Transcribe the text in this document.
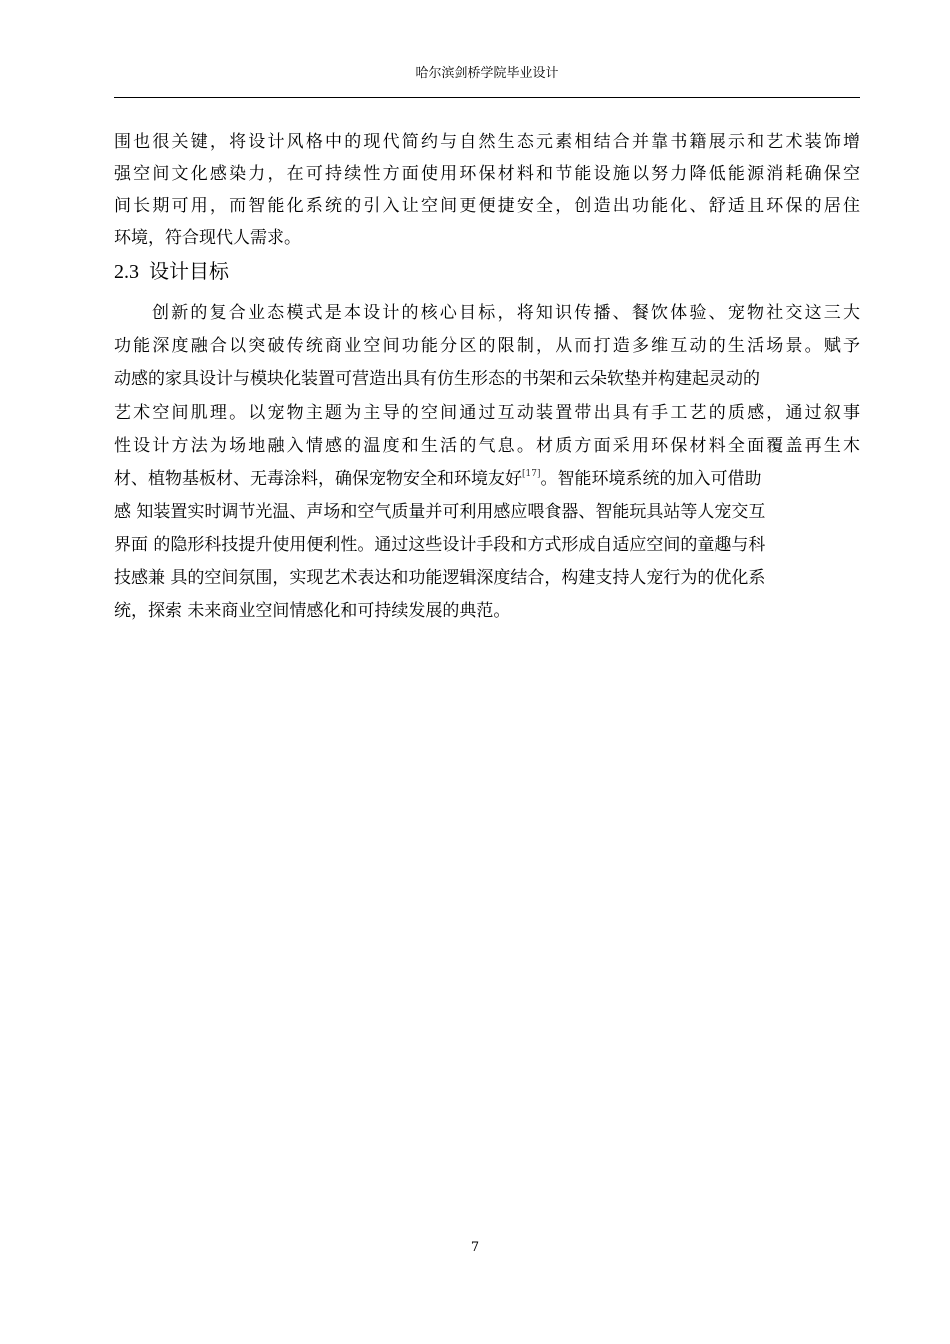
哈尔滨剑桥学院毕业设计
围也很关键，将设计风格中的现代简约与自然生态元素相结合并靠书籍展示和艺术装饰增
强空间文化感染力，在可持续性方面使用环保材料和节能设施以努力降低能源消耗确保空
间长期可用，而智能化系统的引入让空间更便捷安全，创造出功能化、舒适且环保的居住
环境，符合现代人需求。
2.3 设计目标
创新的复合业态模式是本设计的核心目标，将知识传播、餐饮体验、宠物社交这三大
功能深度融合以突破传统商业空间功能分区的限制，从而打造多维互动的生活场景。赋予
动感的家具设计与模块化装置可营造出具有仿生形态的书架和云朵软垫并构建起灵动的
艺术空间肌理。以宠物主题为主导的空间通过互动装置带出具有手工艺的质感，通过叙事
性设计方法为场地融入情感的温度和生活的气息。材质方面采用环保材料全面覆盖再生木
材、植物基板材、无毒涂料，确保宠物安全和环境友好[17]。智能环境系统的加入可借助
感 知装置实时调节光温、声场和空气质量并可利用感应喂食器、智能玩具站等人宠交互
界面 的隐形科技提升使用便利性。通过这些设计手段和方式形成自适应空间的童趣与科
技感兼 具的空间氛围，实现艺术表达和功能逻辑深度结合，构建支持人宠行为的优化系
统，探索 未来商业空间情感化和可持续发展的典范。
7
